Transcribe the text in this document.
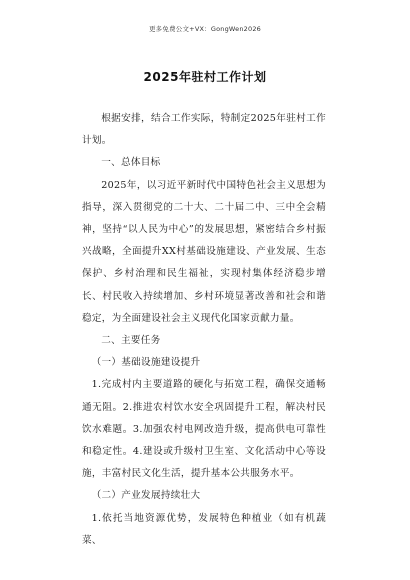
更多免费公文+VX：GongWen2026
2025年驻村工作计划

根据安排，结合工作实际，特制定2025年驻村工作计划。

一、总体目标

2025年，以习近平新时代中国特色社会主义思想为指导，深入贯彻党的二十大、二十届二中、三中全会精神，坚持“以人民为中心”的发展思想，紧密结合乡村振兴战略，全面提升XX村基础设施建设、产业发展、生态保护、乡村治理和民生福祉，实现村集体经济稳步增长、村民收入持续增加、乡村环境显著改善和社会和谐稳定，为全面建设社会主义现代化国家贡献力量。

二、主要任务

（一）基础设施建设提升

1.完成村内主要道路的硬化与拓宽工程，确保交通畅通无阻。2.推进农村饮水安全巩固提升工程，解决村民饮水难题。3.加强农村电网改造升级，提高供电可靠性和稳定性。4.建设或升级村卫生室、文化活动中心等设施，丰富村民文化生活，提升基本公共服务水平。

（二）产业发展持续壮大

1.依托当地资源优势，发展特色种植业（如有机蔬菜、
